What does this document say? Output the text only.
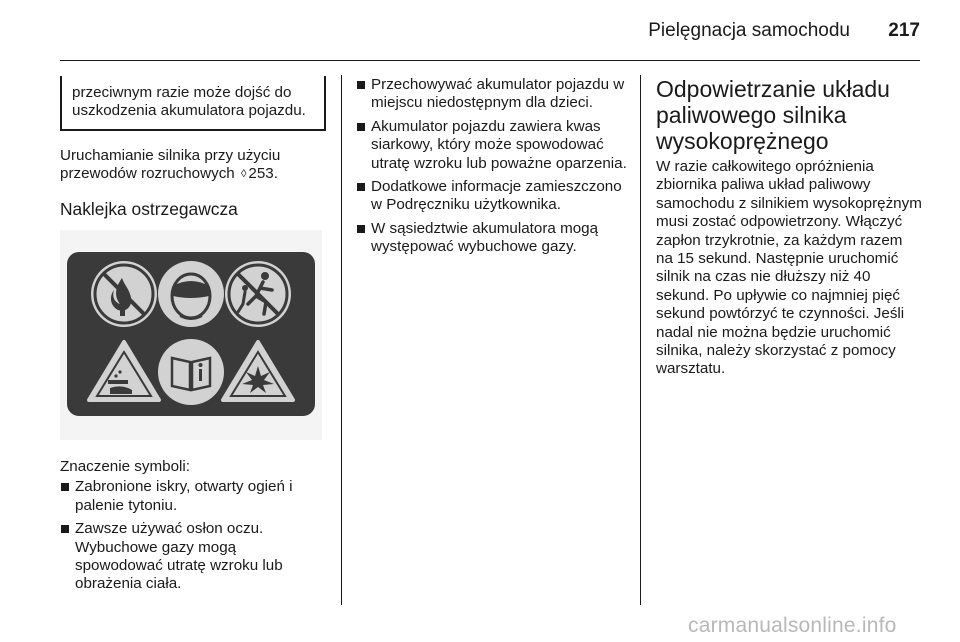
Pielęgnacja samochodu	217
przeciwnym razie może dojść do uszkodzenia akumulatora pojazdu.

Uruchamianie silnika przy użyciu przewodów rozruchowych ◊ 253.

Naklejka ostrzegawcza

Znaczenie symboli:

Zabronione iskry, otwarty ogień i palenie tytoniu.
Zawsze używać osłon oczu. Wybuchowe gazy mogą spowodować utratę wzroku lub obrażenia ciała.
Przechowywać akumulator pojazdu w miejscu niedostępnym dla dzieci.
Akumulator pojazdu zawiera kwas siarkowy, który może spowodować utratę wzroku lub poważne oparzenia.
Dodatkowe informacje zamieszczono w Podręczniku użytkownika.
W sąsiedztwie akumulatora mogą występować wybuchowe gazy.
Odpowietrzanie układu paliwowego silnika wysokoprężnego

W razie całkowitego opróżnienia zbiornika paliwa układ paliwowy samochodu z silnikiem wysokoprężnym musi zostać odpowietrzony. Włączyć zapłon trzykrotnie, za każdym razem na 15 sekund. Następnie uruchomić silnik na czas nie dłuższy niż 40 sekund. Po upływie co najmniej pięć sekund powtórzyć te czynności. Jeśli nadal nie można będzie uruchomić silnika, należy skorzystać z pomocy warsztatu.

carmanualsonline.info
